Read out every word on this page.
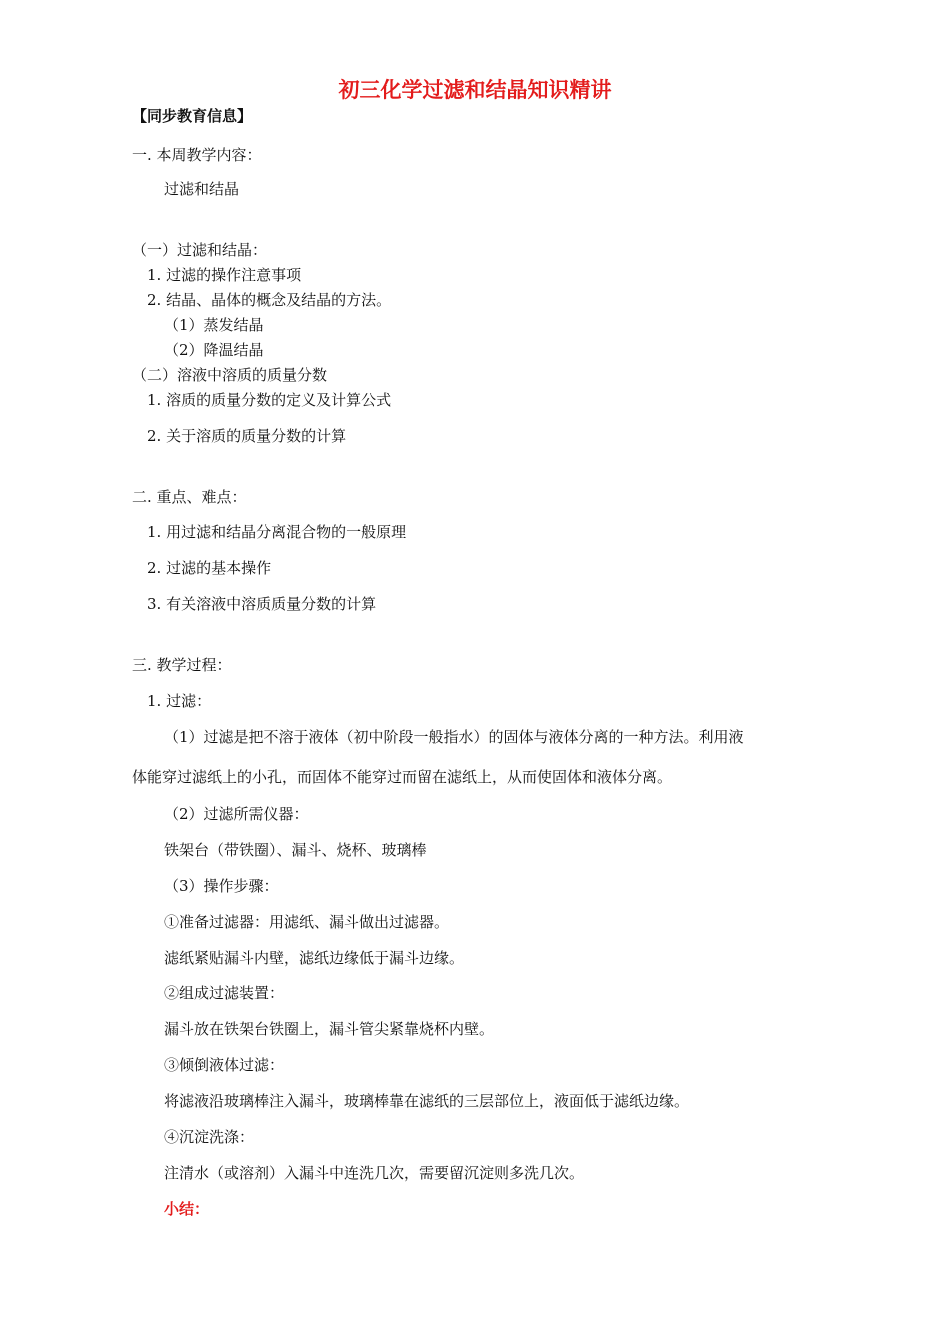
初三化学过滤和结晶知识精讲
【同步教育信息】
一. 本周教学内容：
过滤和结晶
（一）过滤和结晶：
1. 过滤的操作注意事项
2. 结晶、晶体的概念及结晶的方法。
（1）蒸发结晶
（2）降温结晶
（二）溶液中溶质的质量分数
1. 溶质的质量分数的定义及计算公式
2. 关于溶质的质量分数的计算
二. 重点、难点：
1. 用过滤和结晶分离混合物的一般原理
2. 过滤的基本操作
3. 有关溶液中溶质质量分数的计算
三. 教学过程：
1. 过滤：
（1）过滤是把不溶于液体（初中阶段一般指水）的固体与液体分离的一种方法。利用液
体能穿过滤纸上的小孔，而固体不能穿过而留在滤纸上，从而使固体和液体分离。
（2）过滤所需仪器：
铁架台（带铁圈）、漏斗、烧杯、玻璃棒
（3）操作步骤：
①准备过滤器：用滤纸、漏斗做出过滤器。
滤纸紧贴漏斗内壁，滤纸边缘低于漏斗边缘。
②组成过滤装置：
漏斗放在铁架台铁圈上，漏斗管尖紧靠烧杯内壁。
③倾倒液体过滤：
将滤液沿玻璃棒注入漏斗，玻璃棒靠在滤纸的三层部位上，液面低于滤纸边缘。
④沉淀洗涤：
注清水（或溶剂）入漏斗中连洗几次，需要留沉淀则多洗几次。
小结：
